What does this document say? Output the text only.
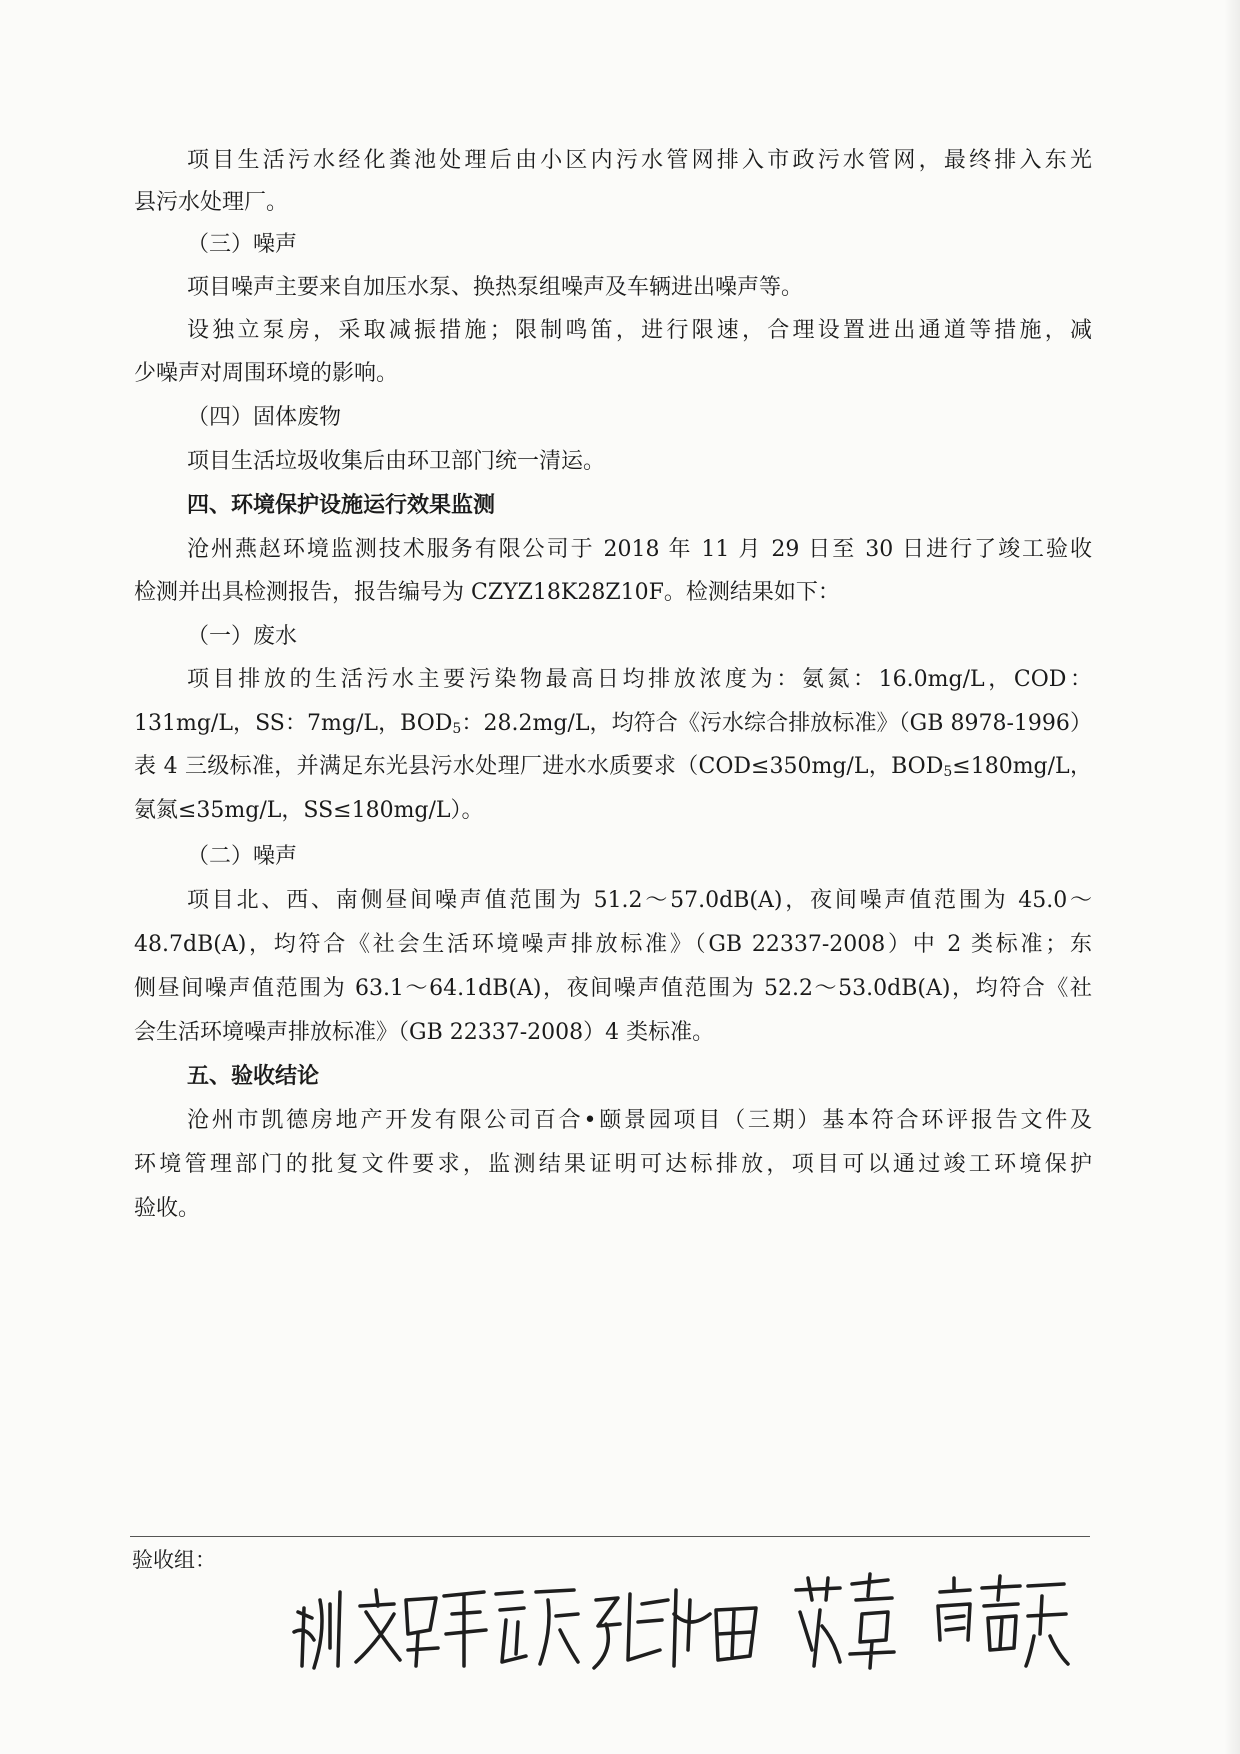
项目生活污水经化粪池处理后由小区内污水管网排入市政污水管网，最终排入东光
县污水处理厂。
（三）噪声
项目噪声主要来自加压水泵、换热泵组噪声及车辆进出噪声等。
设独立泵房，采取减振措施；限制鸣笛，进行限速，合理设置进出通道等措施，减
少噪声对周围环境的影响。
（四）固体废物
项目生活垃圾收集后由环卫部门统一清运。
四、环境保护设施运行效果监测
沧州燕赵环境监测技术服务有限公司于 2018 年 11 月 29 日至 30 日进行了竣工验收
检测并出具检测报告，报告编号为 CZYZ18K28Z10F。检测结果如下：
（一）废水
项目排放的生活污水主要污染物最高日均排放浓度为：氨氮：16.0mg/L，COD：
131mg/L，SS：7mg/L，$BOD_5$：28.2mg/L，均符合《污水综合排放标准》（GB 8978-1996）
表 4 三级标准，并满足东光县污水处理厂进水水质要求（COD≤350mg/L，$BOD_5\le 180mg/L$，
氨氮≤35mg/L，SS≤180mg/L）。
（二）噪声
项目北、西、南侧昼间噪声值范围为 51.2～57.0dB(A)，夜间噪声值范围为 45.0～
48.7dB(A)，均符合《社会生活环境噪声排放标准》（GB 22337-2008）中 2 类标准；东
侧昼间噪声值范围为 63.1～64.1dB(A)，夜间噪声值范围为 52.2～53.0dB(A)，均符合《社
会生活环境噪声排放标准》（GB 22337-2008）4 类标准。
五、验收结论
沧州市凯德房地产开发有限公司百合•颐景园项目（三期）基本符合环评报告文件及
环境管理部门的批复文件要求，监测结果证明可达标排放，项目可以通过竣工环境保护
验收。
验收组：
